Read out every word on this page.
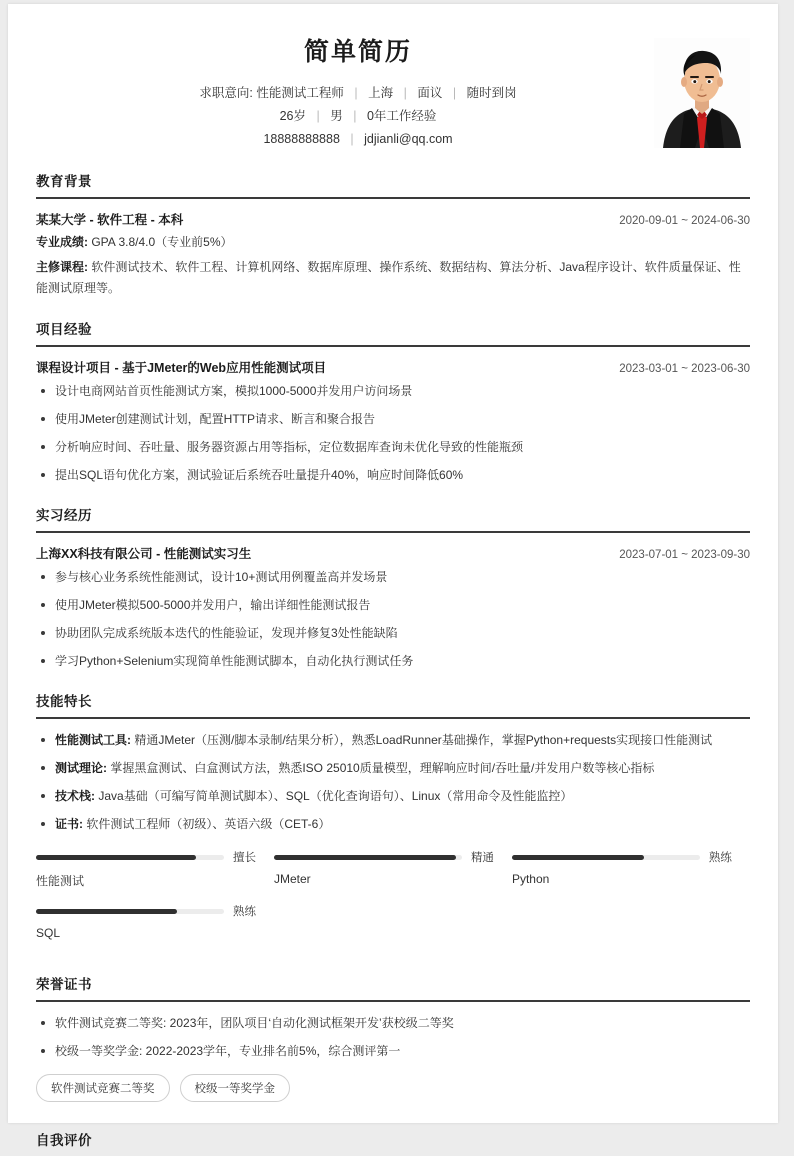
简单简历
求职意向: 性能测试工程师 | 上海 | 面议 | 随时到岗
26岁 | 男 | 0年工作经验
18888888888 | jdjianli@qq.com
教育背景
某某大学 - 软件工程 - 本科	2020-09-01 ~ 2024-06-30
专业成绩: GPA 3.8/4.0（专业前5%）
主修课程: 软件测试技术、软件工程、计算机网络、数据库原理、操作系统、数据结构、算法分析、Java程序设计、软件质量保证、性能测试原理等。
项目经验
课程设计项目 - 基于JMeter的Web应用性能测试项目	2023-03-01 ~ 2023-06-30
设计电商网站首页性能测试方案，模拟1000-5000并发用户访问场景
使用JMeter创建测试计划，配置HTTP请求、断言和聚合报告
分析响应时间、吞吐量、服务器资源占用等指标，定位数据库查询未优化导致的性能瓶颈
提出SQL语句优化方案，测试验证后系统吞吐量提升40%，响应时间降低60%
实习经历
上海XX科技有限公司 - 性能测试实习生	2023-07-01 ~ 2023-09-30
参与核心业务系统性能测试，设计10+测试用例覆盖高并发场景
使用JMeter模拟500-5000并发用户，输出详细性能测试报告
协助团队完成系统版本迭代的性能验证，发现并修复3处性能缺陷
学习Python+Selenium实现简单性能测试脚本，自动化执行测试任务
技能特长
性能测试工具: 精通JMeter（压测/脚本录制/结果分析），熟悉LoadRunner基础操作，掌握Python+requests实现接口性能测试
测试理论: 掌握黑盒测试、白盒测试方法，熟悉ISO 25010质量模型，理解响应时间/吞吐量/并发用户数等核心指标
技术栈: Java基础（可编写简单测试脚本）、SQL（优化查询语句）、Linux（常用命令及性能监控）
证书: 软件测试工程师（初级）、英语六级（CET-6）
擅长
性能测试
精通
JMeter
熟练
Python
熟练
SQL
荣誉证书
软件测试竞赛二等奖: 2023年，团队项目‘自动化测试框架开发’获校级二等奖
校级一等奖学金: 2022-2023学年，专业排名前5%，综合测评第一
软件测试竞赛二等奖	校级一等奖学金
自我评价
